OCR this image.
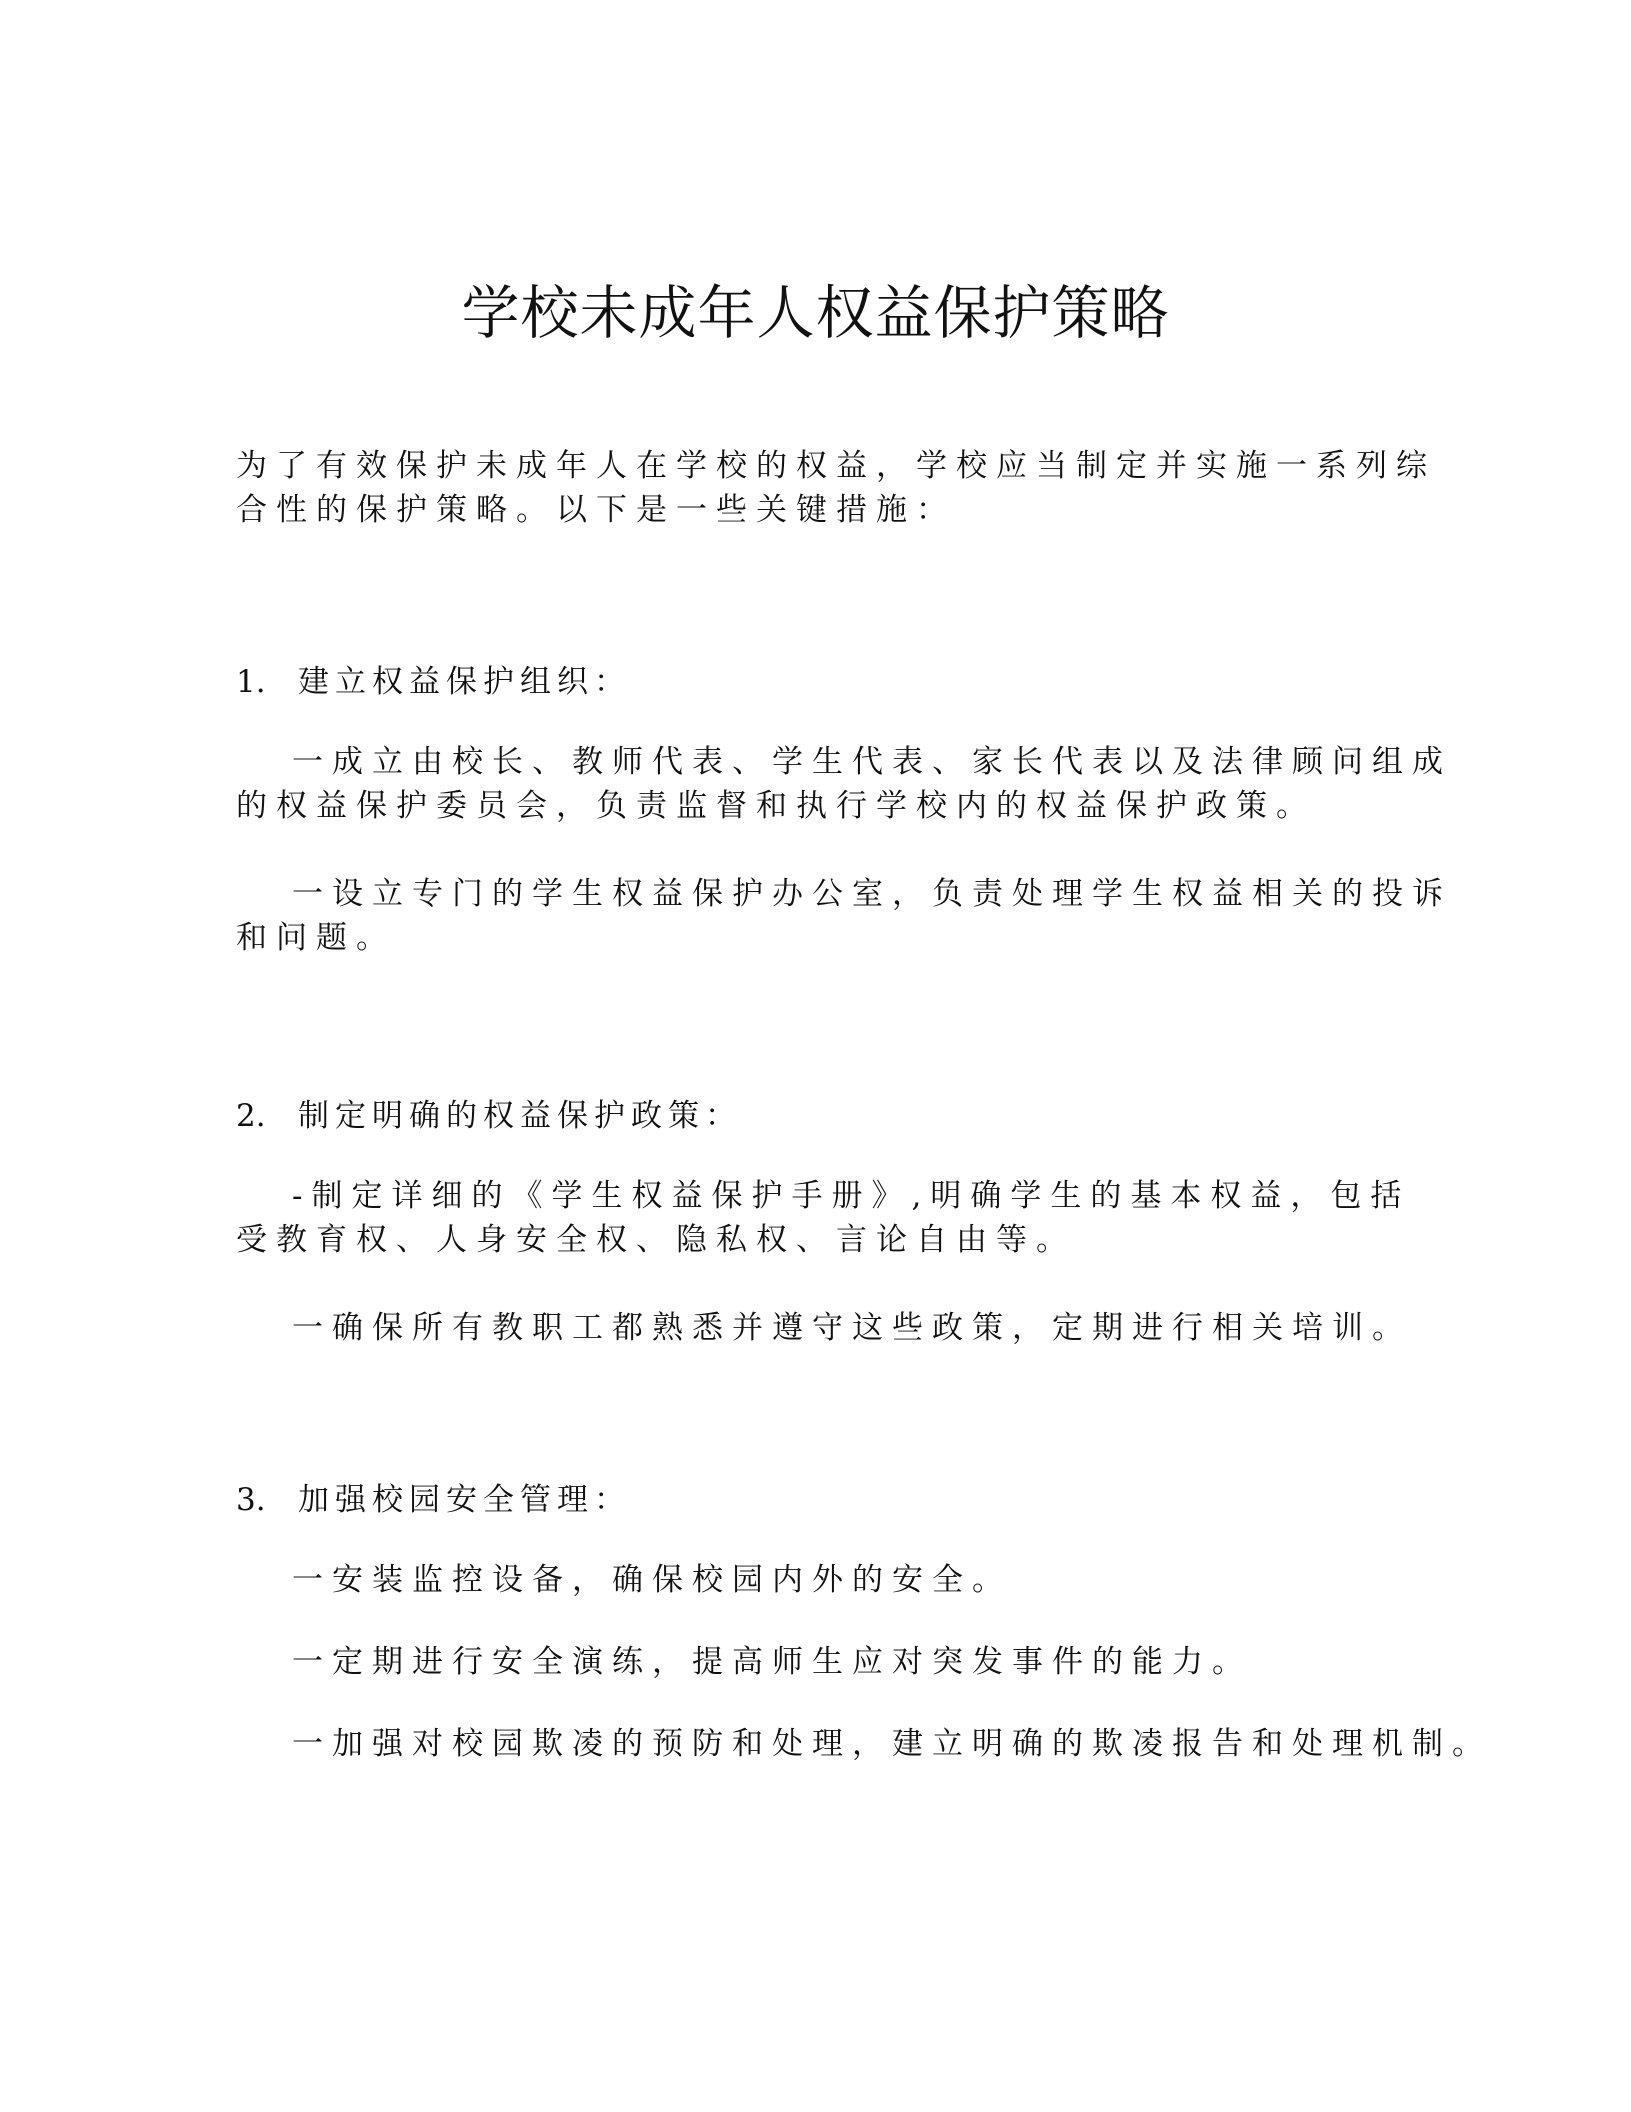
学校未成年人权益保护策略
为了有效保护未成年人在学校的权益，学校应当制定并实施一系列综
合性的保护策略。以下是一些关键措施：
1. 建立权益保护组织：
一成立由校长、教师代表、学生代表、家长代表以及法律顾问组成
的权益保护委员会，负责监督和执行学校内的权益保护政策。
一设立专门的学生权益保护办公室，负责处理学生权益相关的投诉
和问题。
2. 制定明确的权益保护政策：
-制定详细的《学生权益保护手册》,明确学生的基本权益，包括
受教育权、人身安全权、隐私权、言论自由等。
一确保所有教职工都熟悉并遵守这些政策，定期进行相关培训。
3. 加强校园安全管理：
一安装监控设备，确保校园内外的安全。
一定期进行安全演练，提高师生应对突发事件的能力。
一加强对校园欺凌的预防和处理，建立明确的欺凌报告和处理机制。
